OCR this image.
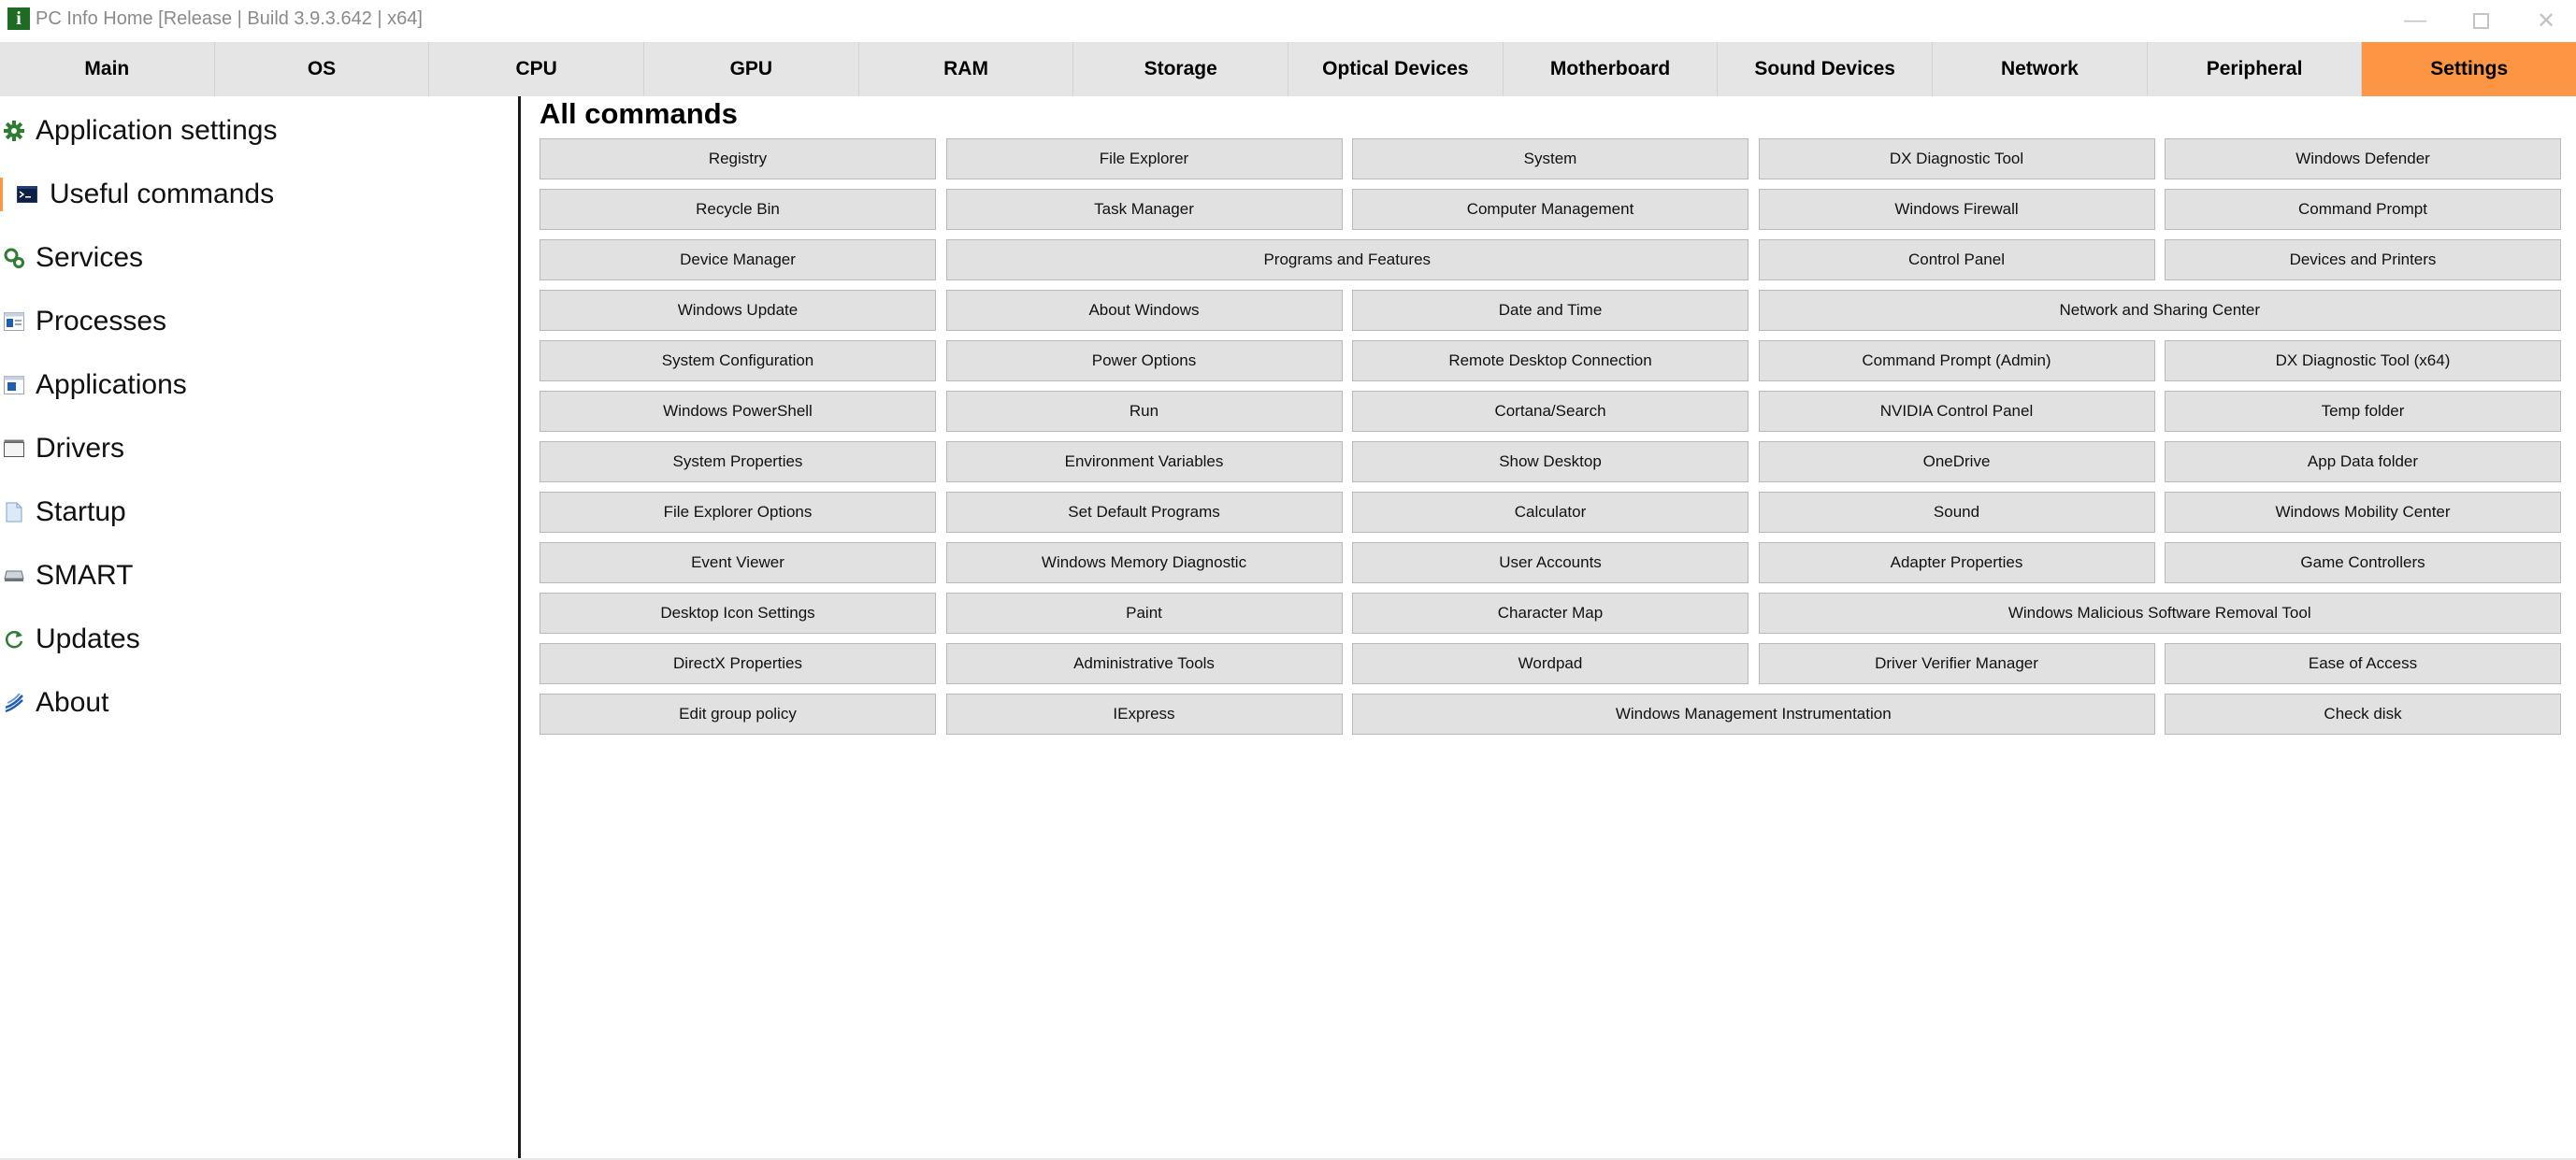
i PC Info Home [Release | Build 3.9.3.642 | x64]	—	✕
Main	OS	CPU	GPU	RAM	Storage	Optical Devices	Motherboard	Sound Devices	Network	Peripheral	Settings
Application settings
Useful commands
Services
Processes
Applications
Drivers
Startup
SMART
Updates
About
All commands
Registry	File Explorer	System	DX Diagnostic Tool	Windows Defender
Recycle Bin	Task Manager	Computer Management	Windows Firewall	Command Prompt
Device Manager	Programs and Features	Control Panel	Devices and Printers
Windows Update	About Windows	Date and Time	Network and Sharing Center
System Configuration	Power Options	Remote Desktop Connection	Command Prompt (Admin)	DX Diagnostic Tool (x64)
Windows PowerShell	Run	Cortana/Search	NVIDIA Control Panel	Temp folder
System Properties	Environment Variables	Show Desktop	OneDrive	App Data folder
File Explorer Options	Set Default Programs	Calculator	Sound	Windows Mobility Center
Event Viewer	Windows Memory Diagnostic	User Accounts	Adapter Properties	Game Controllers
Desktop Icon Settings	Paint	Character Map	Windows Malicious Software Removal Tool
DirectX Properties	Administrative Tools	Wordpad	Driver Verifier Manager	Ease of Access
Edit group policy	IExpress	Windows Management Instrumentation	Check disk
